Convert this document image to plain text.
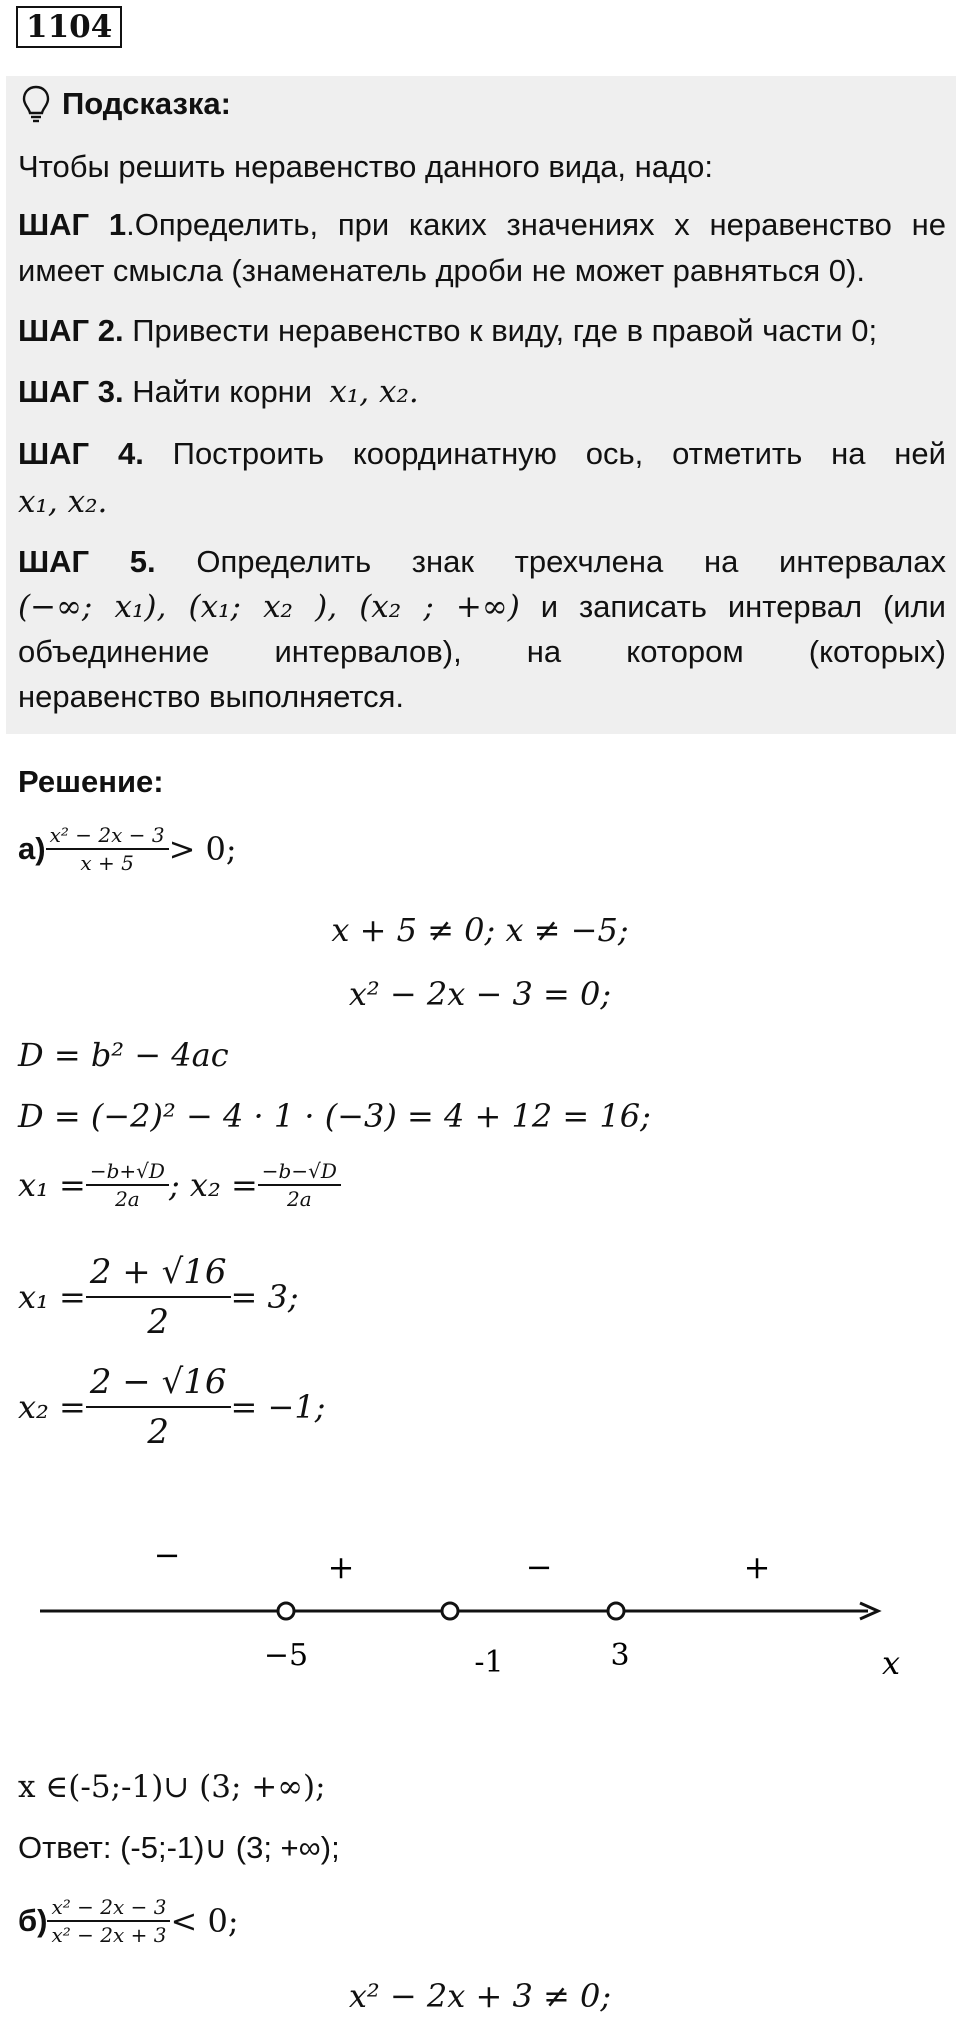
1104
Подсказка:
Чтобы решить неравенство данного вида, надо:
ШАГ 1.Определить, при каких значениях x неравенство не
имеет смысла (знаменатель дроби не может равняться 0).
ШАГ 2. Привести неравенство к виду, где в правой части 0;
ШАГ 3. Найти корни x₁, x₂.
ШАГ 4. Построить координатную ось, отметить на ней
x₁, x₂.
ШАГ 5. Определить знак трехчлена на интервалах
(−∞; x₁), (x₁; x₂ ), (x₂ ; +∞) и записать интервал (или
объединение интервалов), на котором (которых)
неравенство выполняется.
Решение:
$а) \frac{\text{x² − 2x − 3}}{x + 5} > 0$;
x + 5 ≠ 0; x ≠ −5;
x² − 2x − 3 = 0;
D = b² − 4ac
D = (−2)² − 4 · 1 · (−3) = 4 + 12 = 16;
$x_1 = \frac{-b+√D}{2a}$ ; $x_2 = \frac{-b-√D}{2a}$
$x_1 = \frac{2 + √16}{2} = 3$;
$x_2 = \frac{2 - √16}{2} = -1$;
−	+	−	+
−5	-1	3	x
x ∈(-5;-1)∪ (3; +∞);
Ответ: (-5;-1)∪ (3; +∞);
$б) \frac{\text{x² − 2x − 3}}{\text{x² − 2x + 3}} < 0$;
x² − 2x + 3 ≠ 0;
